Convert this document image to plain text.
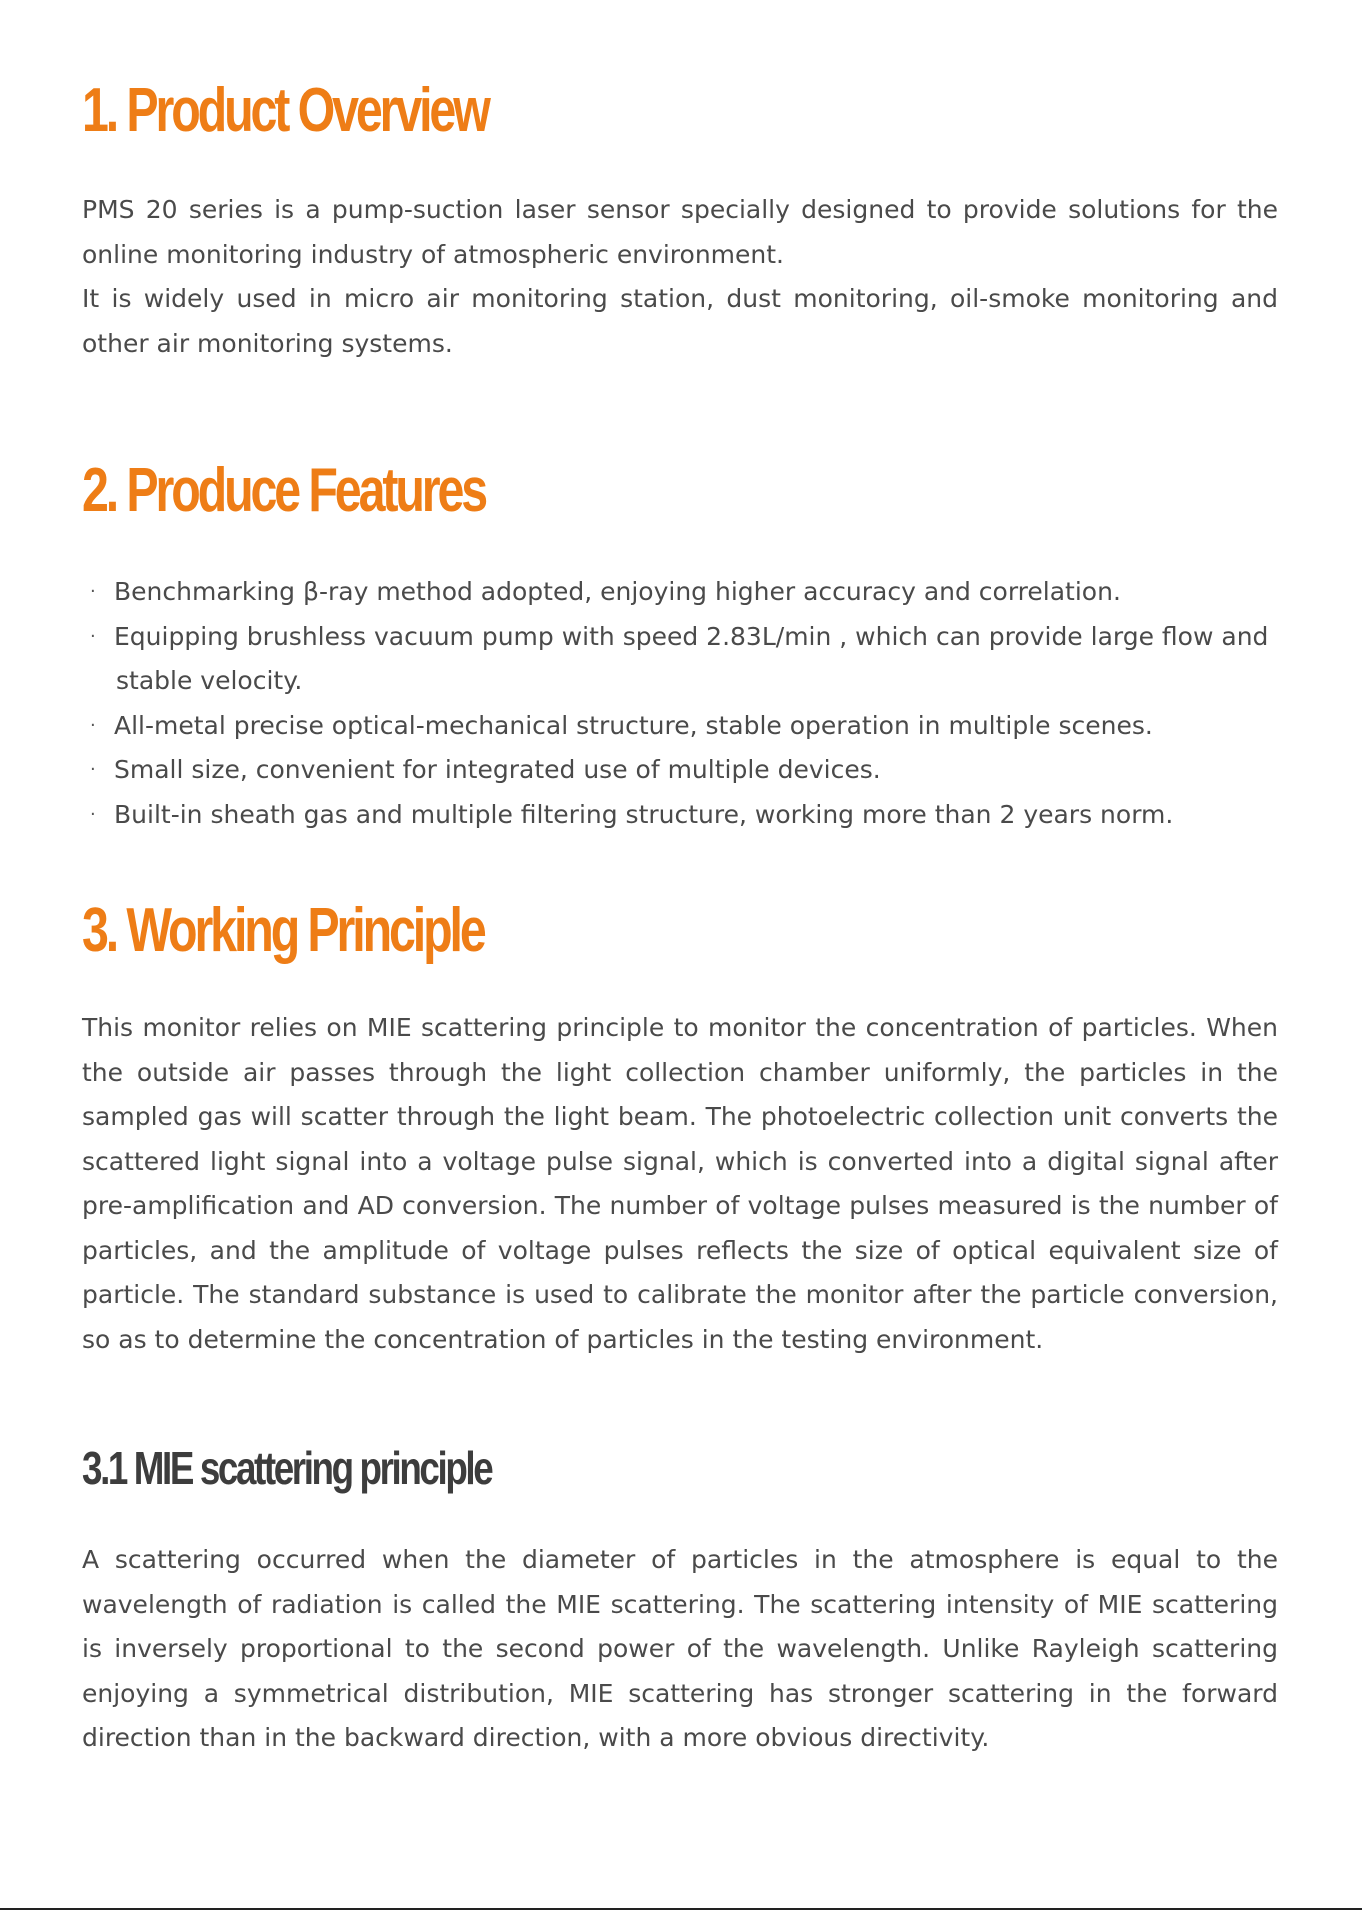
1. Product Overview
PMS 20 series is a pump-suction laser sensor specially designed to provide solutions for the
online monitoring industry of atmospheric environment.
It is widely used in micro air monitoring station, dust monitoring, oil-smoke monitoring and
other air monitoring systems.
2. Produce Features
· Benchmarking β-ray method adopted, enjoying higher accuracy and correlation.
· Equipping brushless vacuum pump with speed 2.83L/min , which can provide large flow and
stable velocity.
· All-metal precise optical-mechanical structure, stable operation in multiple scenes.
· Small size, convenient for integrated use of multiple devices.
· Built-in sheath gas and multiple filtering structure, working more than 2 years norm.
3. Working Principle
This monitor relies on MIE scattering principle to monitor the concentration of particles. When
the outside air passes through the light collection chamber uniformly, the particles in the
sampled gas will scatter through the light beam. The photoelectric collection unit converts the
scattered light signal into a voltage pulse signal, which is converted into a digital signal after
pre-amplification and AD conversion. The number of voltage pulses measured is the number of
particles, and the amplitude of voltage pulses reflects the size of optical equivalent size of
particle. The standard substance is used to calibrate the monitor after the particle conversion,
so as to determine the concentration of particles in the testing environment.
3.1 MIE scattering principle
A scattering occurred when the diameter of particles in the atmosphere is equal to the
wavelength of radiation is called the MIE scattering. The scattering intensity of MIE scattering
is inversely proportional to the second power of the wavelength. Unlike Rayleigh scattering
enjoying a symmetrical distribution, MIE scattering has stronger scattering in the forward
direction than in the backward direction, with a more obvious directivity.
